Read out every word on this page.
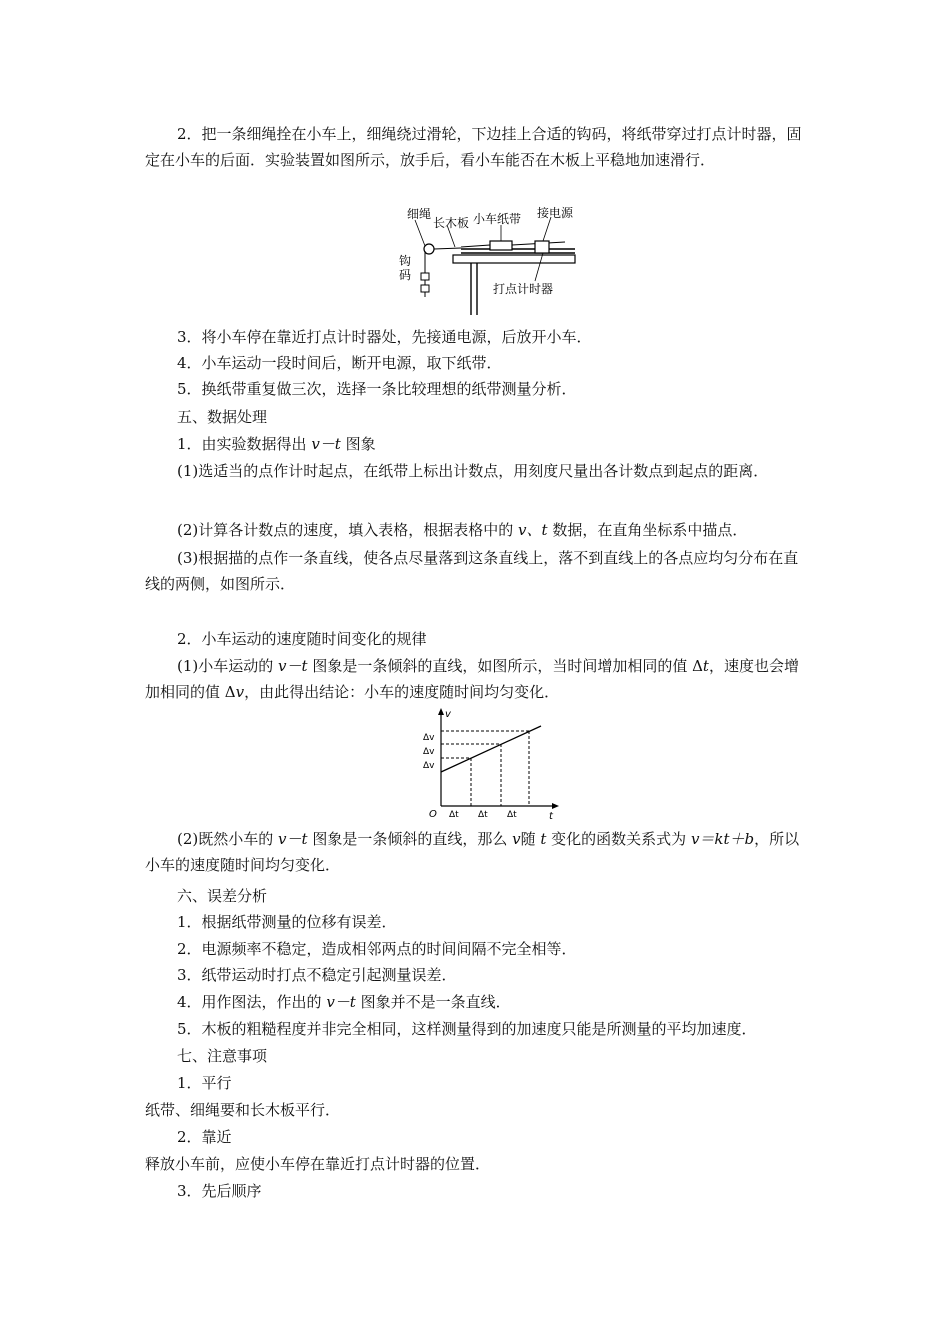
2．把一条细绳拴在小车上，细绳绕过滑轮，下边挂上合适的钩码，将纸带穿过打点计时器，固定在小车的后面．实验装置如图所示，放手后，看小车能否在木板上平稳地加速滑行．

细绳
长木板 小车纸带 接电源
钩
码
打点计时器

3．将小车停在靠近打点计时器处，先接通电源，后放开小车．

4．小车运动一段时间后，断开电源，取下纸带．

5．换纸带重复做三次，选择一条比较理想的纸带测量分析．

五、数据处理

1．由实验数据得出 v－t 图象

(1)选适当的点作计时起点，在纸带上标出计数点，用刻度尺量出各计数点到起点的距离．

(2)计算各计数点的速度，填入表格，根据表格中的 v、t 数据，在直角坐标系中描点．

(3)根据描的点作一条直线，使各点尽量落到这条直线上，落不到直线上的各点应均匀分布在直线的两侧，如图所示．

2．小车运动的速度随时间变化的规律

(1)小车运动的 v－t 图象是一条倾斜的直线，如图所示，当时间增加相同的值 Δt，速度也会增加相同的值 Δv，由此得出结论：小车的速度随时间均匀变化．

v
t
O
Δv
Δv
Δv
Δt Δt Δt

(2)既然小车的 v－t 图象是一条倾斜的直线，那么 v随 t 变化的函数关系式为 v＝kt＋b，所以小车的速度随时间均匀变化．

六、误差分析

1．根据纸带测量的位移有误差．

2．电源频率不稳定，造成相邻两点的时间间隔不完全相等．

3．纸带运动时打点不稳定引起测量误差．

4．用作图法，作出的 v－t 图象并不是一条直线．

5．木板的粗糙程度并非完全相同，这样测量得到的加速度只能是所测量的平均加速度．

七、注意事项

1．平行

纸带、细绳要和长木板平行．

2．靠近

释放小车前，应使小车停在靠近打点计时器的位置．

3．先后顺序
